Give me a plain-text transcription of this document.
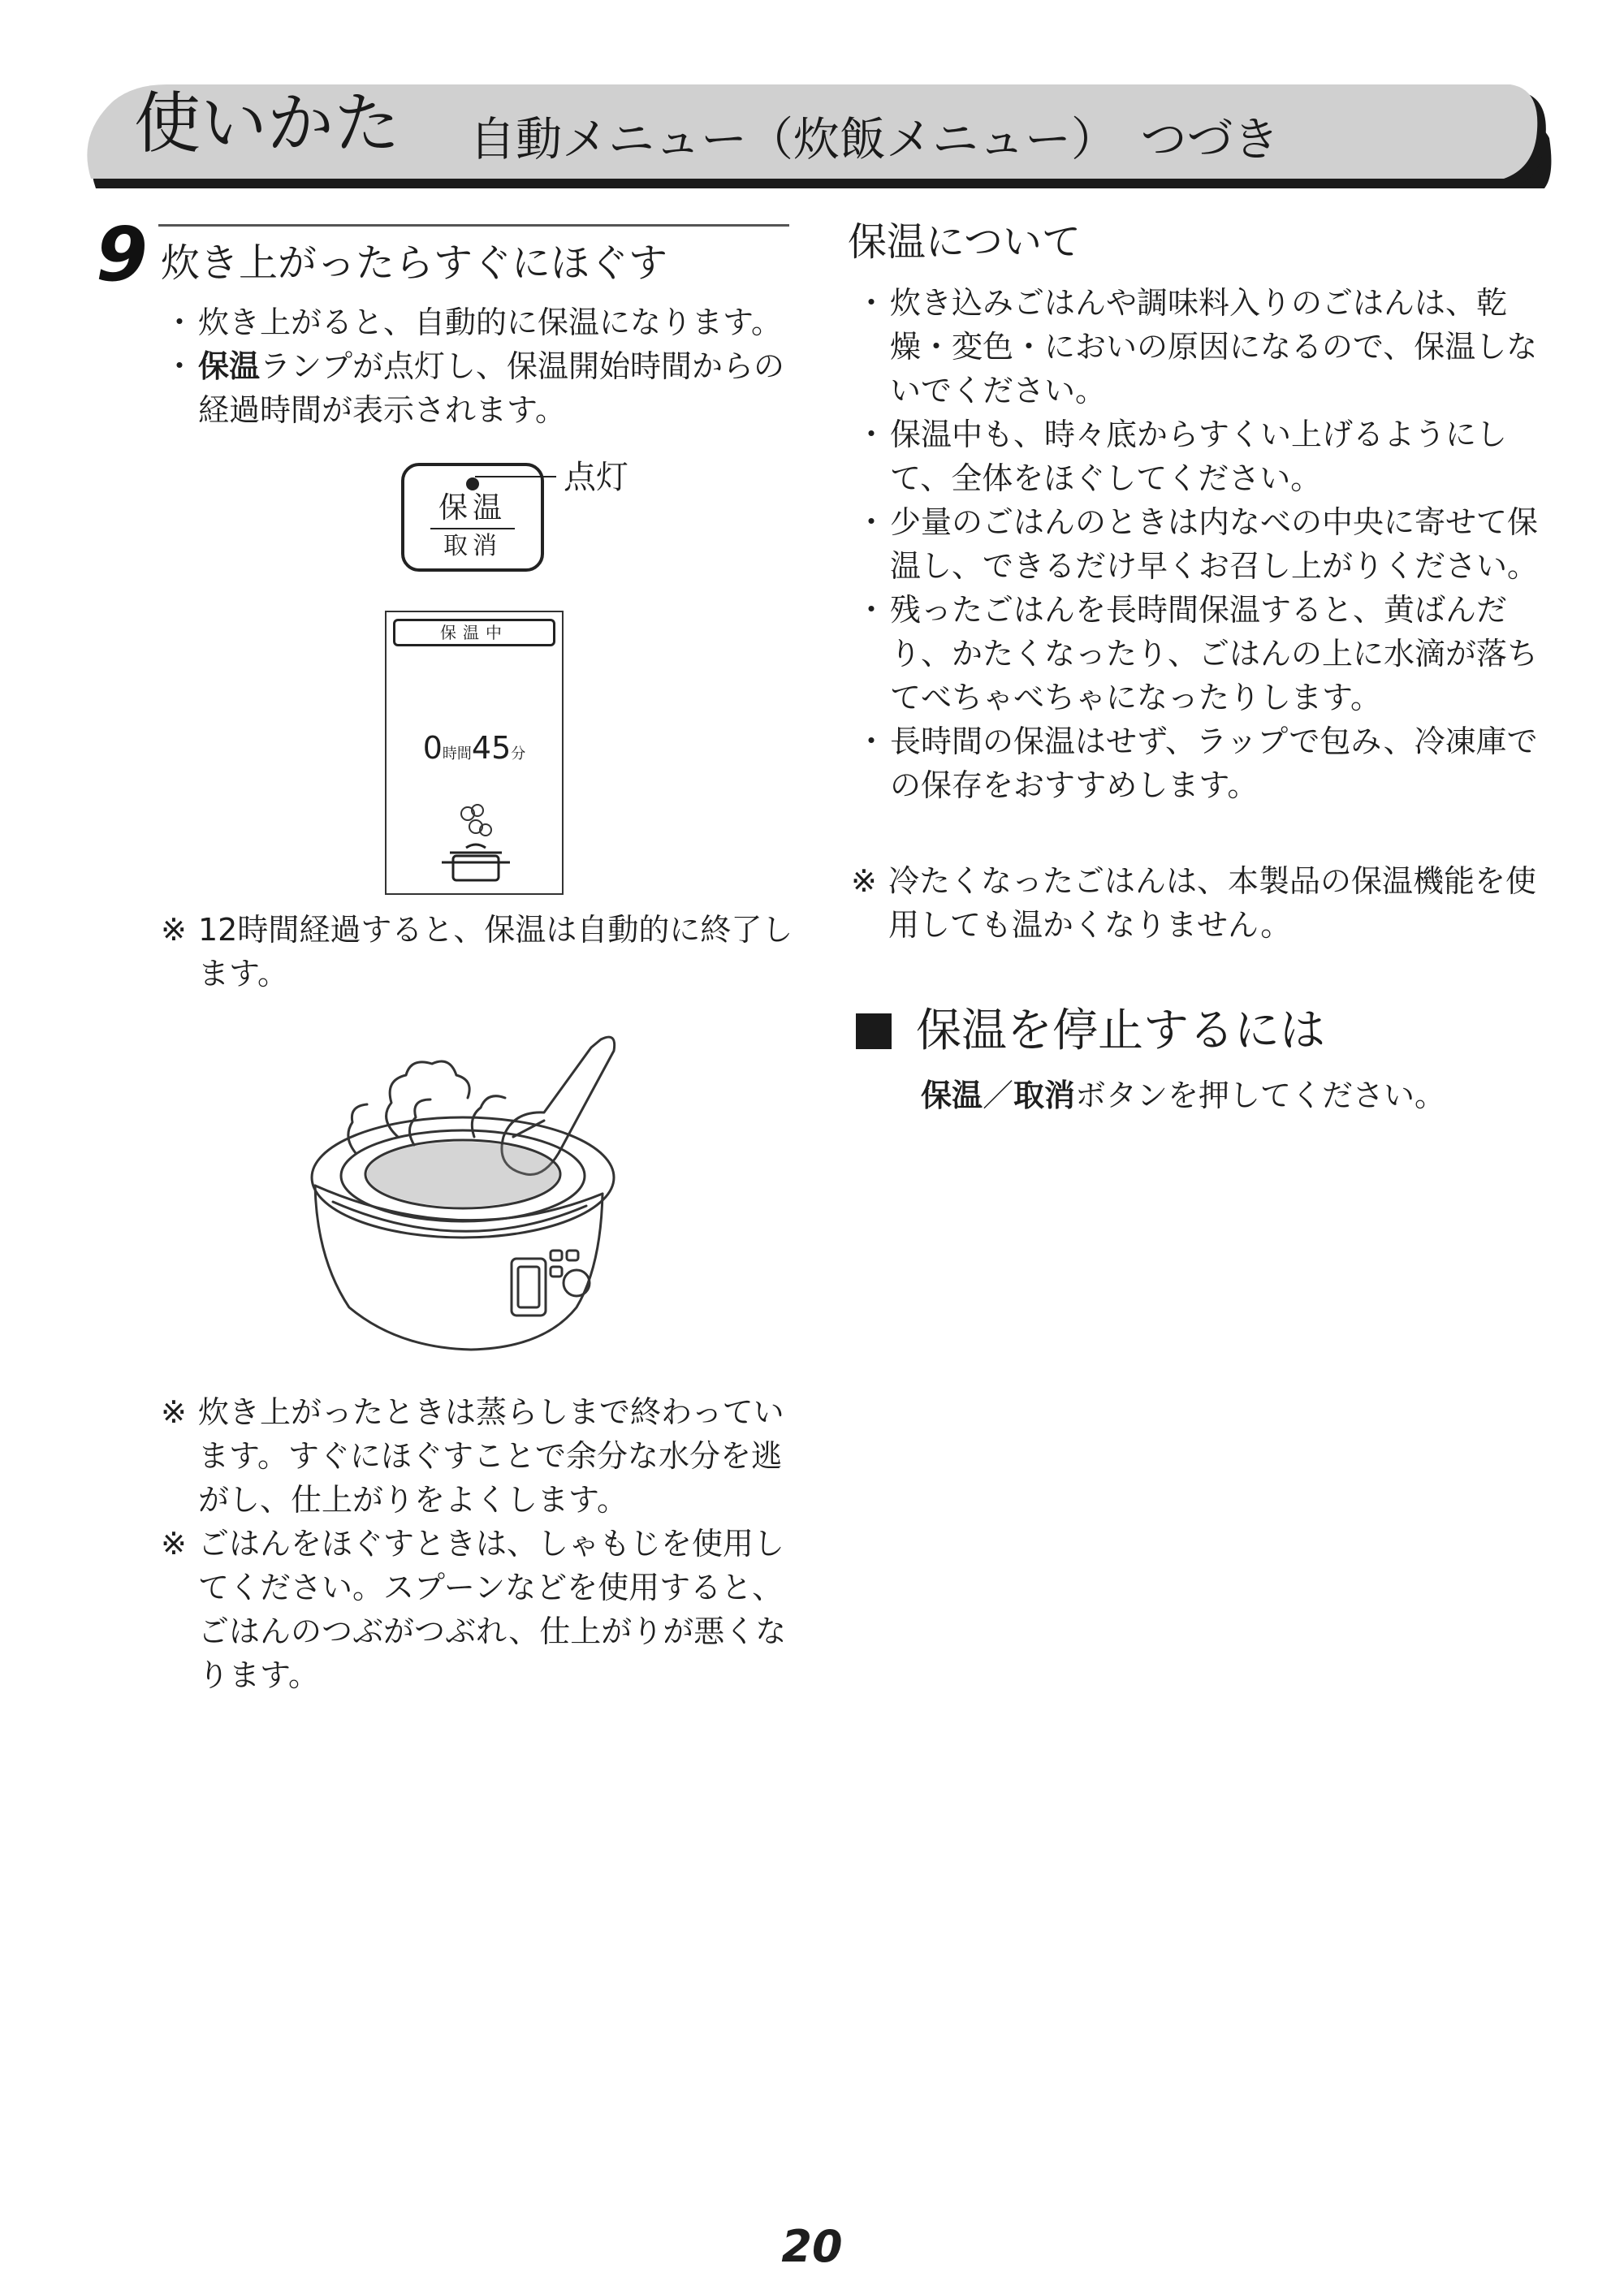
使いかた 自動メニュー（炊飯メニュー）　つづき
9 炊き上がったらすぐにほぐす
・ 炊き上がると、自動的に保温になります。
・ 保温ランプが点灯し、保温開始時間からの経過時間が表示されます。
保温
取消
点灯
保温中
0時間45分
※ 12時間経過すると、保温は自動的に終了します。
※ 炊き上がったときは蒸らしまで終わっています。すぐにほぐすことで余分な水分を逃がし、仕上がりをよくします。
※ ごはんをほぐすときは、しゃもじを使用してください。スプーンなどを使用すると、ごはんのつぶがつぶれ、仕上がりが悪くなります。
保温について
・ 炊き込みごはんや調味料入りのごはんは、乾燥・変色・においの原因になるので、保温しないでください。
・ 保温中も、時々底からすくい上げるようにして、全体をほぐしてください。
・ 少量のごはんのときは内なべの中央に寄せて保温し、できるだけ早くお召し上がりください。
・ 残ったごはんを長時間保温すると、黄ばんだり、かたくなったり、ごはんの上に水滴が落ちてべちゃべちゃになったりします。
・ 長時間の保温はせず、ラップで包み、冷凍庫での保存をおすすめします。
※ 冷たくなったごはんは、本製品の保温機能を使用しても温かくなりません。
保温を停止するには
保温／取消ボタンを押してください。
20
